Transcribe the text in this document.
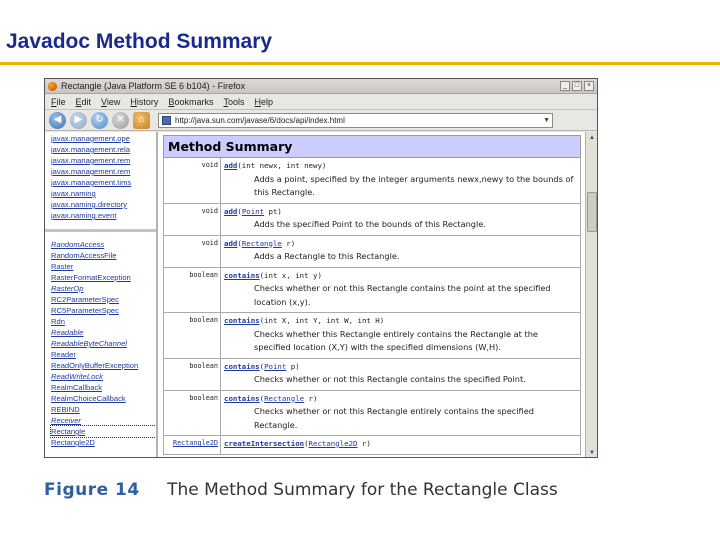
Javadoc Method Summary
Rectangle (Java Platform SE 6 b104) - Firefox	_	□	×
File Edit View History Bookmarks Tools Help
◀	▶	↻	✕	⌂	http://java.sun.com/javase/6/docs/api/index.html	▼
javax.management.ope
javax.management.rela
javax.management.rem
javax.management.rem
javax.management.tims
javax.naming
javax.naming.directory
javax.naming.event
RandomAccess
RandomAccessFile
Raster
RasterFormatException
RasterOp
RC2ParameterSpec
RC5ParameterSpec
Rdn
Readable
ReadableByteChannel
Reader
ReadOnlyBufferException
ReadWriteLock
RealmCallback
RealmChoiceCallback
REBIND
Receiver
Rectangle
Rectangle2D
Method Summary	
void	add(int newx, int newy)
Adds a point, specified by the integer arguments newx,newy to the bounds of this Rectangle.

void	add(Point pt)
Adds the specified Point to the bounds of this Rectangle.

void	add(Rectangle r)
Adds a Rectangle to this Rectangle.

boolean	contains(int x, int y)
Checks whether or not this Rectangle contains the point at the specified location (x,y).

boolean	contains(int X, int Y, int W, int H)
Checks whether this Rectangle entirely contains the Rectangle at the specified location (X,Y) with the specified dimensions (W,H).

boolean	contains(Point p)
Checks whether or not this Rectangle contains the specified Point.

boolean	contains(Rectangle r)
Checks whether or not this Rectangle entirely contains the specified Rectangle.

Rectangle2D	createIntersection(Rectangle2D r)
▲
▼
Figure 14 The Method Summary for the Rectangle Class
